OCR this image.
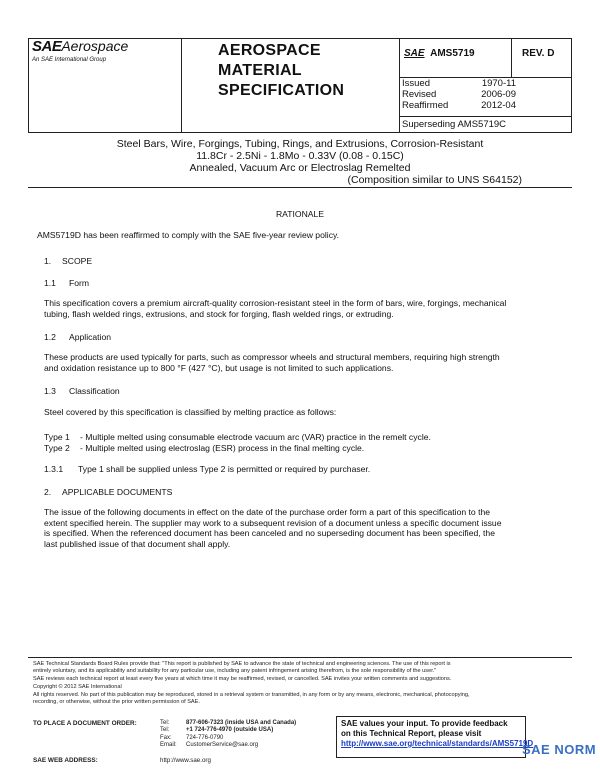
SAEAerospace
An SAE International Group
AEROSPACE
MATERIAL
SPECIFICATION
SAE AMS5719	REV. D
Issued	1970-11
Revised	2006-09
Reaffirmed	2012-04
Superseding AMS5719C
Steel Bars, Wire, Forgings, Tubing, Rings, and Extrusions, Corrosion-Resistant
11.8Cr - 2.5Ni - 1.8Mo - 0.33V (0.08 - 0.15C)
Annealed, Vacuum Arc or Electroslag Remelted
(Composition similar to UNS S64152)
RATIONALE
AMS5719D has been reaffirmed to comply with the SAE five-year review policy.
1. SCOPE
1.1 Form
This specification covers a premium aircraft-quality corrosion-resistant steel in the form of bars, wire, forgings, mechanical
tubing, flash welded rings, extrusions, and stock for forging, flash welded rings, or extruding.
1.2 Application
These products are used typically for parts, such as compressor wheels and structural members, requiring high strength
and oxidation resistance up to 800 °F (427 °C), but usage is not limited to such applications.
1.3 Classification
Steel covered by this specification is classified by melting practice as follows:
Type 1 - Multiple melted using consumable electrode vacuum arc (VAR) practice in the remelt cycle.
Type 2 - Multiple melted using electroslag (ESR) process in the final melting cycle.
1.3.1 Type 1 shall be supplied unless Type 2 is permitted or required by purchaser.
2. APPLICABLE DOCUMENTS
The issue of the following documents in effect on the date of the purchase order form a part of this specification to the
extent specified herein. The supplier may work to a subsequent revision of a document unless a specific document issue
is specified. When the referenced document has been canceled and no superseding document has been specified, the
last published issue of that document shall apply.
SAE Technical Standards Board Rules provide that: "This report is published by SAE to advance the state of technical and engineering sciences. The use of this report is
entirely voluntary, and its applicability and suitability for any particular use, including any patent infringement arising therefrom, is the sole responsibility of the user."
SAE reviews each technical report at least every five years at which time it may be reaffirmed, revised, or cancelled. SAE invites your written comments and suggestions.
Copyright © 2012 SAE International
All rights reserved. No part of this publication may be reproduced, stored in a retrieval system or transmitted, in any form or by any means, electronic, mechanical, photocopying,
recording, or otherwise, without the prior written permission of SAE.
TO PLACE A DOCUMENT ORDER:	Tel:	877-606-7323 (inside USA and Canada)
Tel:	+1 724-776-4970 (outside USA)
Fax: 724-776-0790
Email: CustomerService@sae.org
SAE WEB ADDRESS:	http://www.sae.org
SAE values your input. To provide feedback
on this Technical Report, please visit
http://www.sae.org/technical/standards/AMS5719D
SAE NORM
